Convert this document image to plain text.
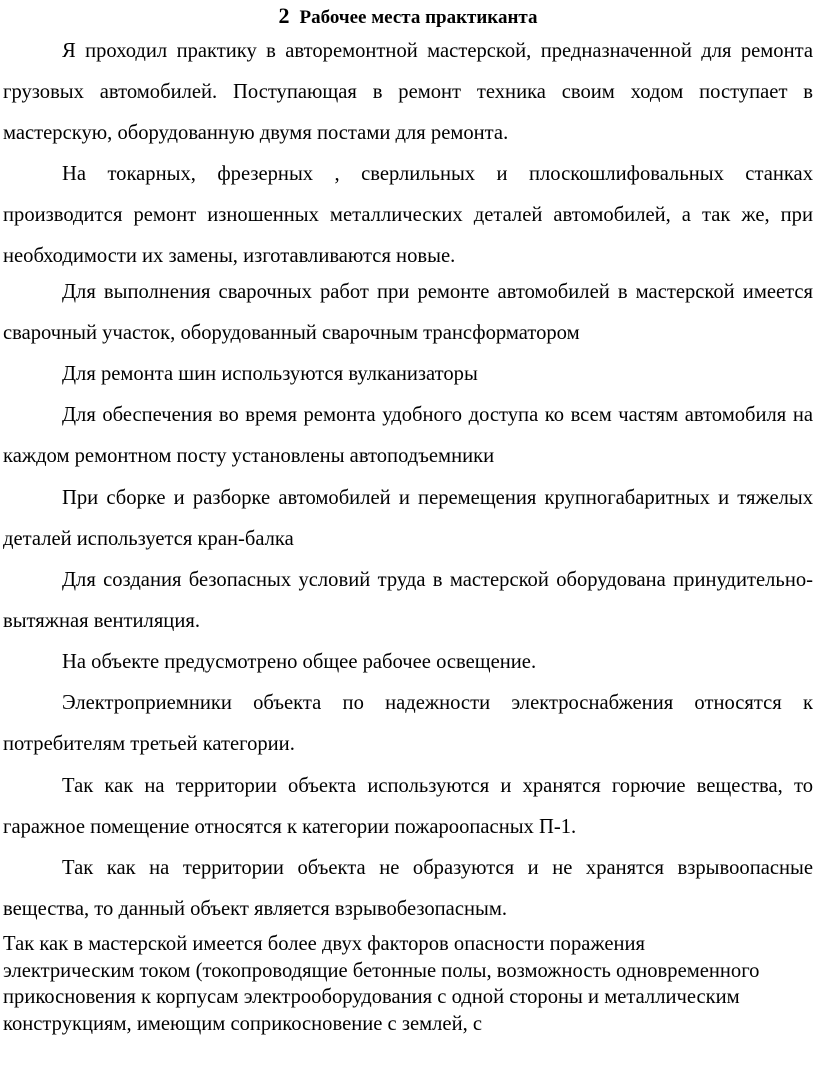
2 Рабочее места практиканта

Я проходил практику в авторемонтной мастерской, предназначенной для ремонта грузовых автомобилей. Поступающая в ремонт техника своим ходом поступает в мастерскую, оборудованную двумя постами для ремонта.

На токарных, фрезерных , сверлильных и плоскошлифовальных станках производится ремонт изношенных металлических деталей автомобилей, а так же, при необходимости их замены, изготавливаются новые.

Для выполнения сварочных работ при ремонте автомобилей в мастерской имеется сварочный участок, оборудованный сварочным трансформатором

Для ремонта шин используются вулканизаторы

Для обеспечения во время ремонта удобного доступа ко всем частям автомобиля на каждом ремонтном посту установлены автоподъемники

При сборке и разборке автомобилей и перемещения крупногабаритных и тяжелых деталей используется кран-балка

Для создания безопасных условий труда в мастерской оборудована принудительно-вытяжная вентиляция.

На объекте предусмотрено общее рабочее освещение.

Электроприемники объекта по надежности электроснабжения относятся к потребителям третьей категории.

Так как на территории объекта используются и хранятся горючие вещества, то гаражное помещение относятся к категории пожароопасных П-1.

Так как на территории объекта не образуются и не хранятся взрывоопасные вещества, то данный объект является взрывобезопасным.

Так как в мастерской имеется более двух факторов опасности поражения электрическим током (токопроводящие бетонные полы, возможность одновременного прикосновения к корпусам электрооборудования с одной стороны и металлическим конструкциям, имеющим соприкосновение с землей, с
